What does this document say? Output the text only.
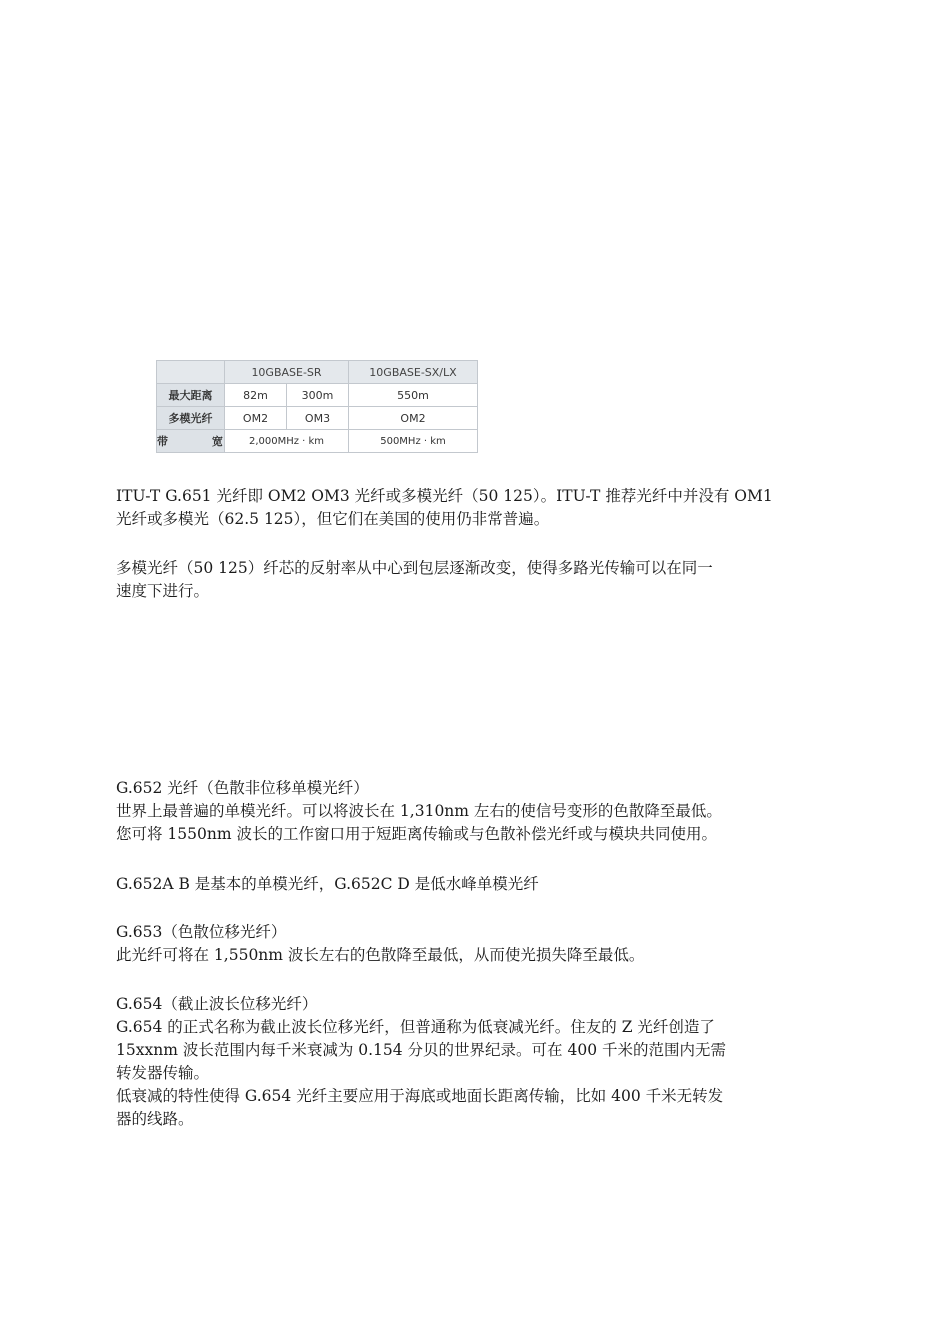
	10GBASE-SR		10GBASE-SX/LX
最大距离	82m	300m	550m
多模光纤	OM2	OM3	OM2
带 宽	2,000MHz · km		500MHz · km
ITU-T G.651 光纤即 OM2 OM3 光纤或多模光纤（50 125）。ITU-T 推荐光纤中并没有 OM1
光纤或多模光（62.5 125），但它们在美国的使用仍非常普遍。
多模光纤（50 125）纤芯的反射率从中心到包层逐渐改变，使得多路光传输可以在同一
速度下进行。
G.652 光纤（色散非位移单模光纤）
世界上最普遍的单模光纤。可以将波长在 1,310nm 左右的使信号变形的色散降至最低。
您可将 1550nm 波长的工作窗口用于短距离传输或与色散补偿光纤或与模块共同使用。
G.652A B 是基本的单模光纤，G.652C D 是低水峰单模光纤
G.653（色散位移光纤）
此光纤可将在 1,550nm 波长左右的色散降至最低，从而使光损失降至最低。
G.654（截止波长位移光纤）
G.654 的正式名称为截止波长位移光纤，但普通称为低衰减光纤。住友的 Z 光纤创造了
15xxnm 波长范围内每千米衰减为 0.154 分贝的世界纪录。可在 400 千米的范围内无需
转发器传输。
低衰减的特性使得 G.654 光纤主要应用于海底或地面长距离传输，比如 400 千米无转发
器的线路。
